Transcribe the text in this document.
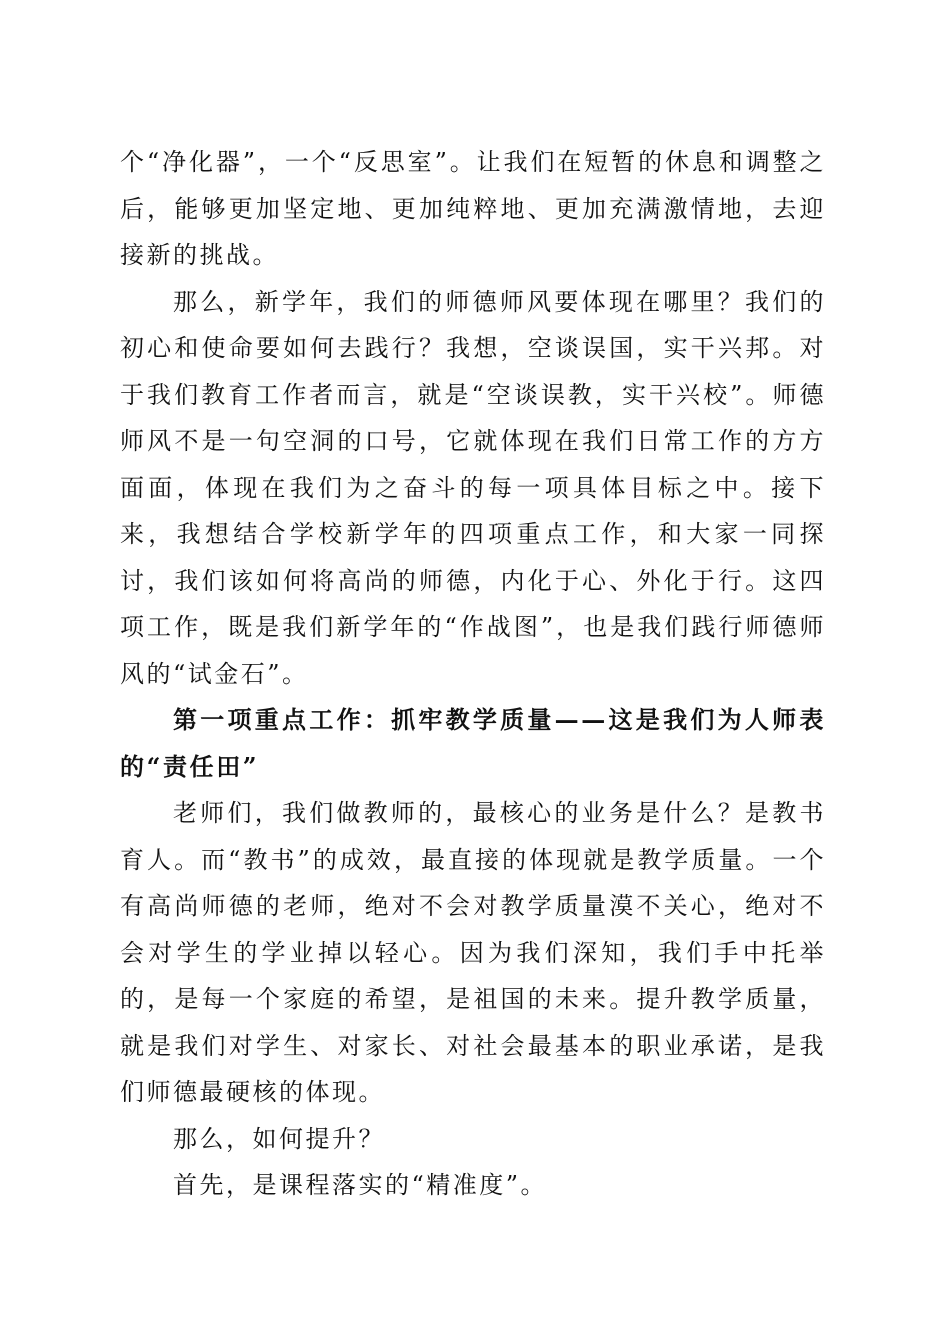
个“净化器”，一个“反思室”。让我们在短暂的休息和调整之后，能够更加坚定地、更加纯粹地、更加充满激情地，去迎接新的挑战。

那么，新学年，我们的师德师风要体现在哪里？我们的初心和使命要如何去践行？我想，空谈误国，实干兴邦。对于我们教育工作者而言，就是“空谈误教，实干兴校”。师德师风不是一句空洞的口号，它就体现在我们日常工作的方方面面，体现在我们为之奋斗的每一项具体目标之中。接下来，我想结合学校新学年的四项重点工作，和大家一同探讨，我们该如何将高尚的师德，内化于心、外化于行。这四项工作，既是我们新学年的“作战图”，也是我们践行师德师风的“试金石”。

第一项重点工作：抓牢教学质量——这是我们为人师表的“责任田”

老师们，我们做教师的，最核心的业务是什么？是教书育人。而“教书”的成效，最直接的体现就是教学质量。一个有高尚师德的老师，绝对不会对教学质量漠不关心，绝对不会对学生的学业掉以轻心。因为我们深知，我们手中托举的，是每一个家庭的希望，是祖国的未来。提升教学质量，就是我们对学生、对家长、对社会最基本的职业承诺，是我们师德最硬核的体现。

那么，如何提升？

首先，是课程落实的“精准度”。
